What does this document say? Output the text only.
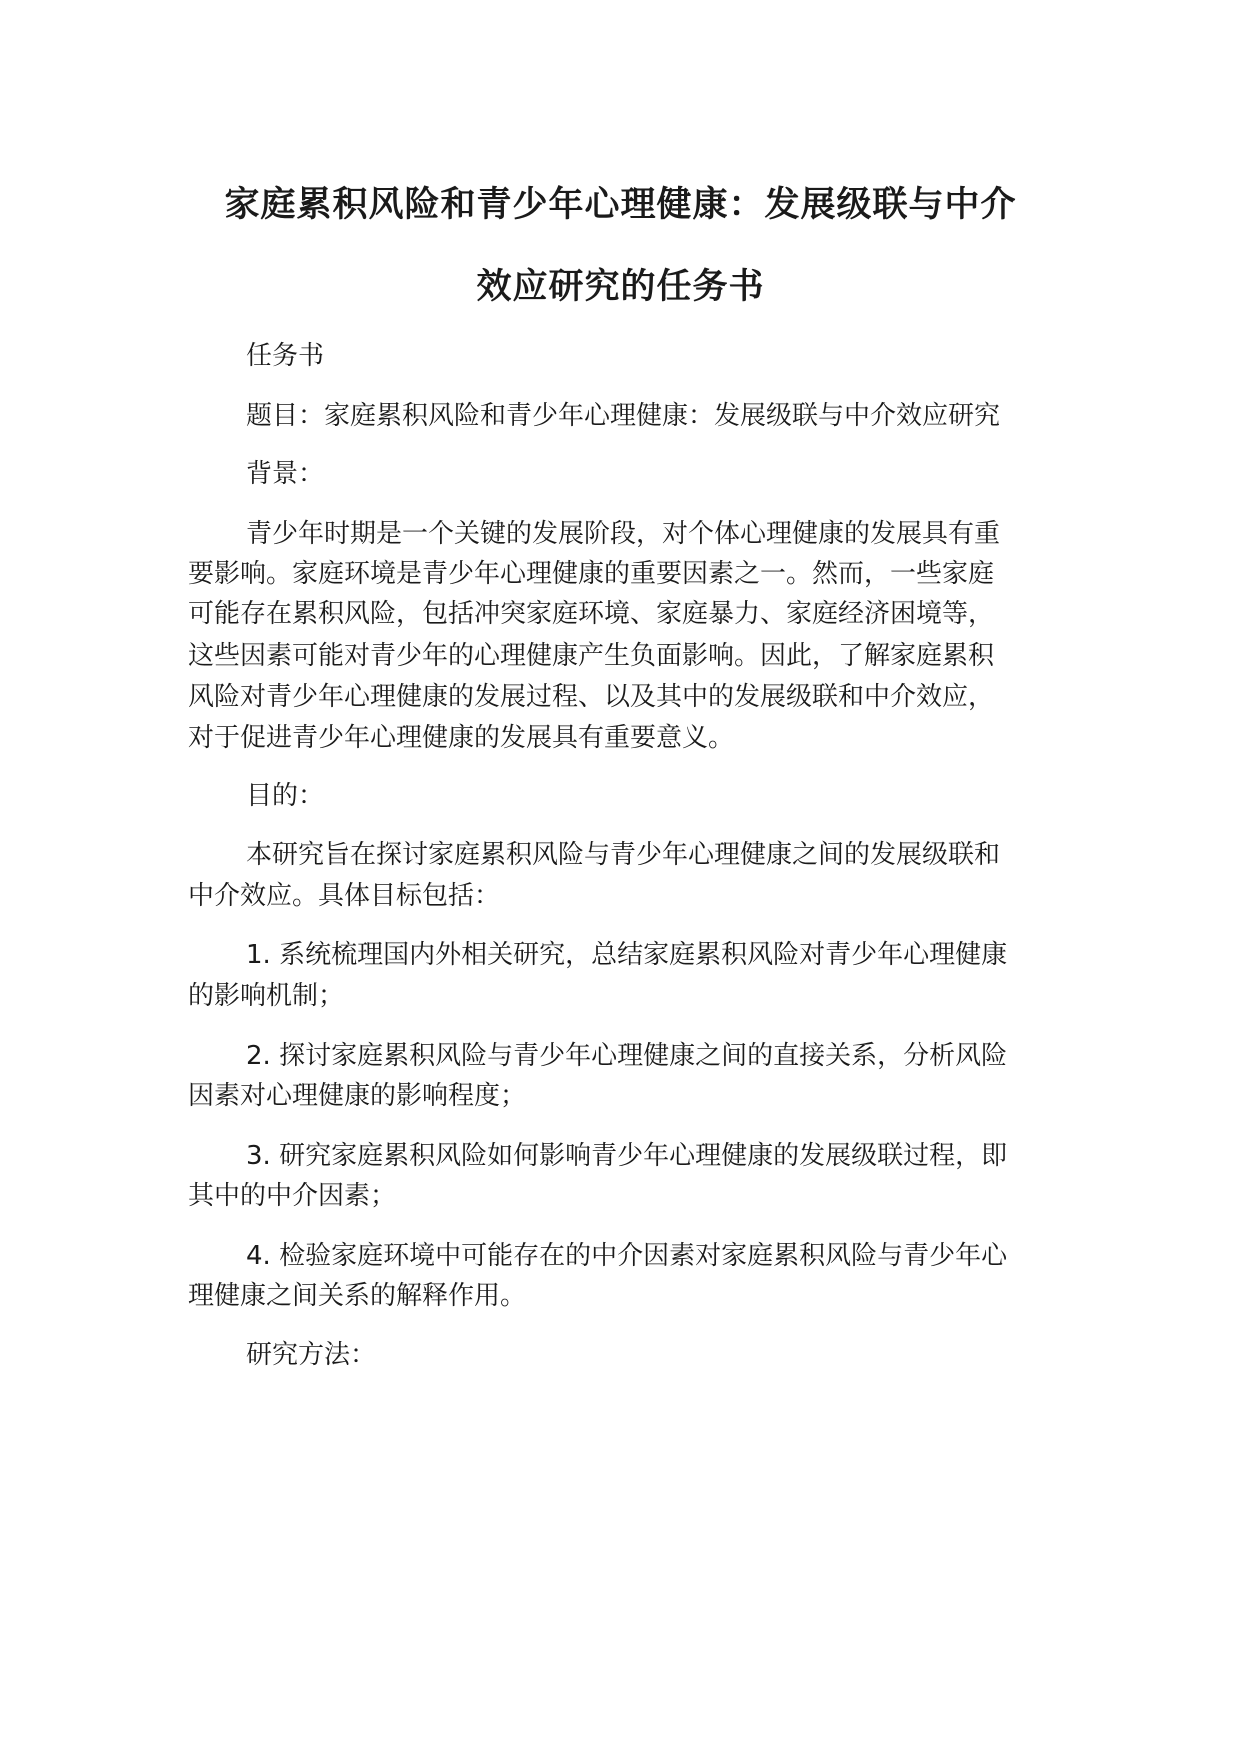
家庭累积风险和青少年心理健康：发展级联与中介
效应研究的任务书

任务书

题目：家庭累积风险和青少年心理健康：发展级联与中介效应研究

背景：

青少年时期是一个关键的发展阶段，对个体心理健康的发展具有重

要影响。家庭环境是青少年心理健康的重要因素之一。然而，一些家庭

可能存在累积风险，包括冲突家庭环境、家庭暴力、家庭经济困境等，

这些因素可能对青少年的心理健康产生负面影响。因此，了解家庭累积

风险对青少年心理健康的发展过程、以及其中的发展级联和中介效应，

对于促进青少年心理健康的发展具有重要意义。

目的：

本研究旨在探讨家庭累积风险与青少年心理健康之间的发展级联和

中介效应。具体目标包括：

1. 系统梳理国内外相关研究，总结家庭累积风险对青少年心理健康

的影响机制；

2. 探讨家庭累积风险与青少年心理健康之间的直接关系，分析风险

因素对心理健康的影响程度；

3. 研究家庭累积风险如何影响青少年心理健康的发展级联过程，即

其中的中介因素；

4. 检验家庭环境中可能存在的中介因素对家庭累积风险与青少年心

理健康之间关系的解释作用。

研究方法：
